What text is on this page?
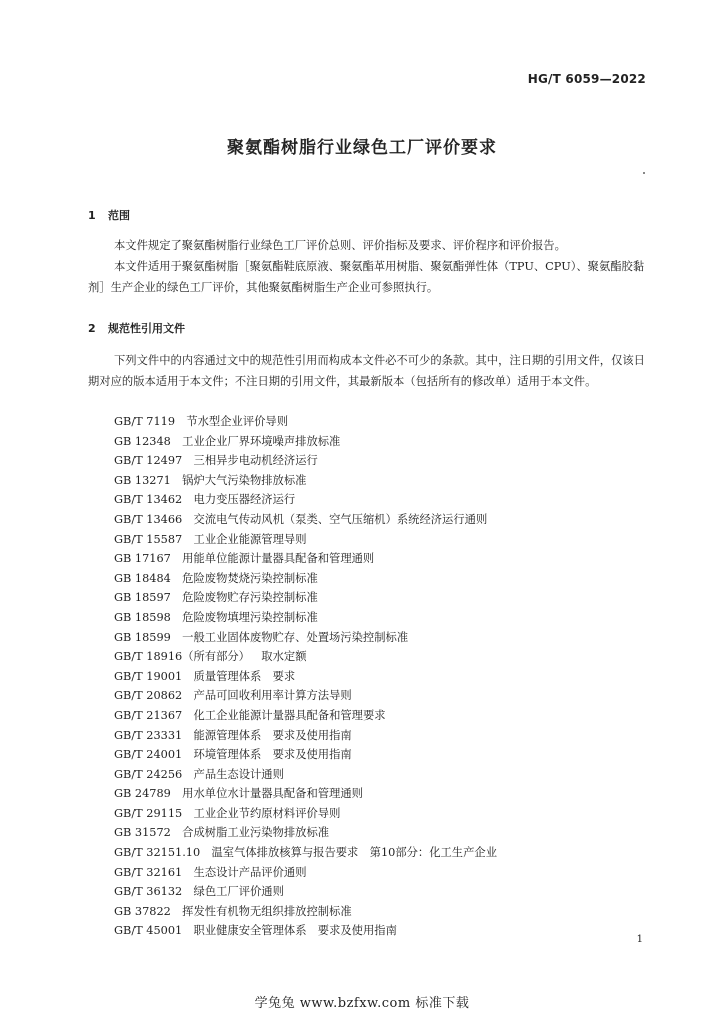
HG/T 6059—2022
聚氨酯树脂行业绿色工厂评价要求
1 范围
本文件规定了聚氨酯树脂行业绿色工厂评价总则、评价指标及要求、评价程序和评价报告。
本文件适用于聚氨酯树脂［聚氨酯鞋底原液、聚氨酯革用树脂、聚氨酯弹性体（TPU、CPU）、聚氨酯胶黏剂］生产企业的绿色工厂评价，其他聚氨酯树脂生产企业可参照执行。
2 规范性引用文件
下列文件中的内容通过文中的规范性引用而构成本文件必不可少的条款。其中，注日期的引用文件，仅该日期对应的版本适用于本文件；不注日期的引用文件，其最新版本（包括所有的修改单）适用于本文件。
GB/T 7119　 节水型企业评价导则
GB 12348　 工业企业厂界环境噪声排放标准
GB/T 12497　 三相异步电动机经济运行
GB 13271　 锅炉大气污染物排放标准
GB/T 13462　 电力变压器经济运行
GB/T 13466　 交流电气传动风机（泵类、空气压缩机）系统经济运行通则
GB/T 15587　 工业企业能源管理导则
GB 17167　 用能单位能源计量器具配备和管理通则
GB 18484　 危险废物焚烧污染控制标准
GB 18597　 危险废物贮存污染控制标准
GB 18598　 危险废物填埋污染控制标准
GB 18599　 一般工业固体废物贮存、处置场污染控制标准
GB/T 18916（所有部分）　 取水定额
GB/T 19001　 质量管理体系　要求
GB/T 20862　 产品可回收利用率计算方法导则
GB/T 21367　 化工企业能源计量器具配备和管理要求
GB/T 23331　 能源管理体系　要求及使用指南
GB/T 24001　 环境管理体系　要求及使用指南
GB/T 24256　 产品生态设计通则
GB 24789　 用水单位水计量器具配备和管理通则
GB/T 29115　 工业企业节约原材料评价导则
GB 31572　 合成树脂工业污染物排放标准
GB/T 32151.10　 温室气体排放核算与报告要求　第10部分：化工生产企业
GB/T 32161　 生态设计产品评价通则
GB/T 36132　 绿色工厂评价通则
GB 37822　 挥发性有机物无组织排放控制标准
GB/T 45001　 职业健康安全管理体系　要求及使用指南
1
学兔兔 www.bzfxw.com 标准下载
